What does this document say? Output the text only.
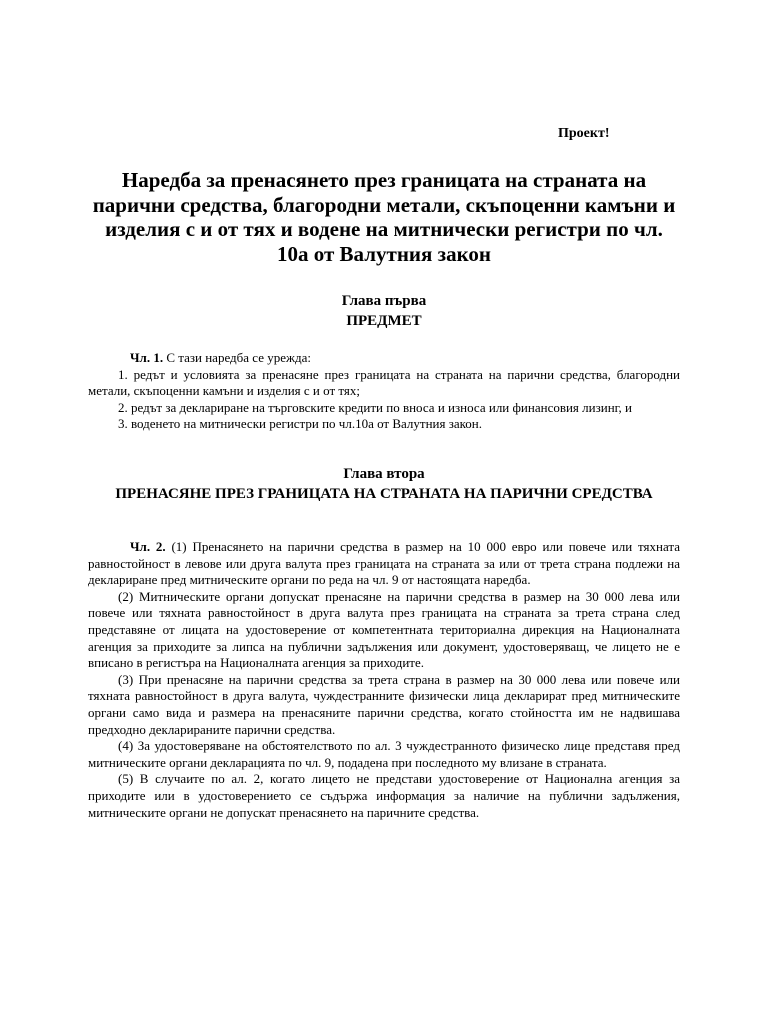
Проект!
Наредба за пренасянето през границата на страната на парични средства, благородни метали, скъпоценни камъни и изделия с и от тях и водене на митнически регистри по чл. 10а от Валутния закон
Глава първа
ПРЕДМЕТ

Чл. 1. С тази наредба се урежда:

1. редът и условията за пренасяне през границата на страната на парични средства, благородни метали, скъпоценни камъни и изделия с и от тях;

2. редът за деклариране на търговските кредити по вноса и износа или финансовия лизинг, и

3. воденето на митнически регистри по чл.10а от Валутния закон.

Глава втора
ПРЕНАСЯНЕ ПРЕЗ ГРАНИЦАТА НА СТРАНАТА НА ПАРИЧНИ СРЕДСТВА

Чл. 2. (1) Пренасянето на парични средства в размер на 10 000 евро или повече или тяхната равностойност в левове или друга валута през границата на страната за или от трета страна подлежи на деклариране пред митническите органи по реда на чл. 9 от настоящата наредба.

(2) Митническите органи допускат пренасяне на парични средства в размер на 30 000 лева или повече или тяхната равностойност в друга валута през границата на страната за трета страна след представяне от лицата на удостоверение от компетентната териториална дирекция на Националната агенция за приходите за липса на публични задължения или документ, удостоверяващ, че лицето не е вписано в регистъра на Националната агенция за приходите.

(3) При пренасяне на парични средства за трета страна в размер на 30 000 лева или повече или тяхната равностойност в друга валута, чуждестранните физически лица декларират пред митническите органи само вида и размера на пренасяните парични средства, когато стойността им не надвишава предходно декларираните парични средства.

(4) За удостоверяване на обстоятелството по ал. 3 чуждестранното физическо лице представя пред митническите органи декларацията по чл. 9, подадена при последното му влизане в страната.

(5) В случаите по ал. 2, когато лицето не представи удостоверение от Национална агенция за приходите или в удостоверението се съдържа информация за наличие на публични задължения, митническите органи не допускат пренасянето на паричните средства.
